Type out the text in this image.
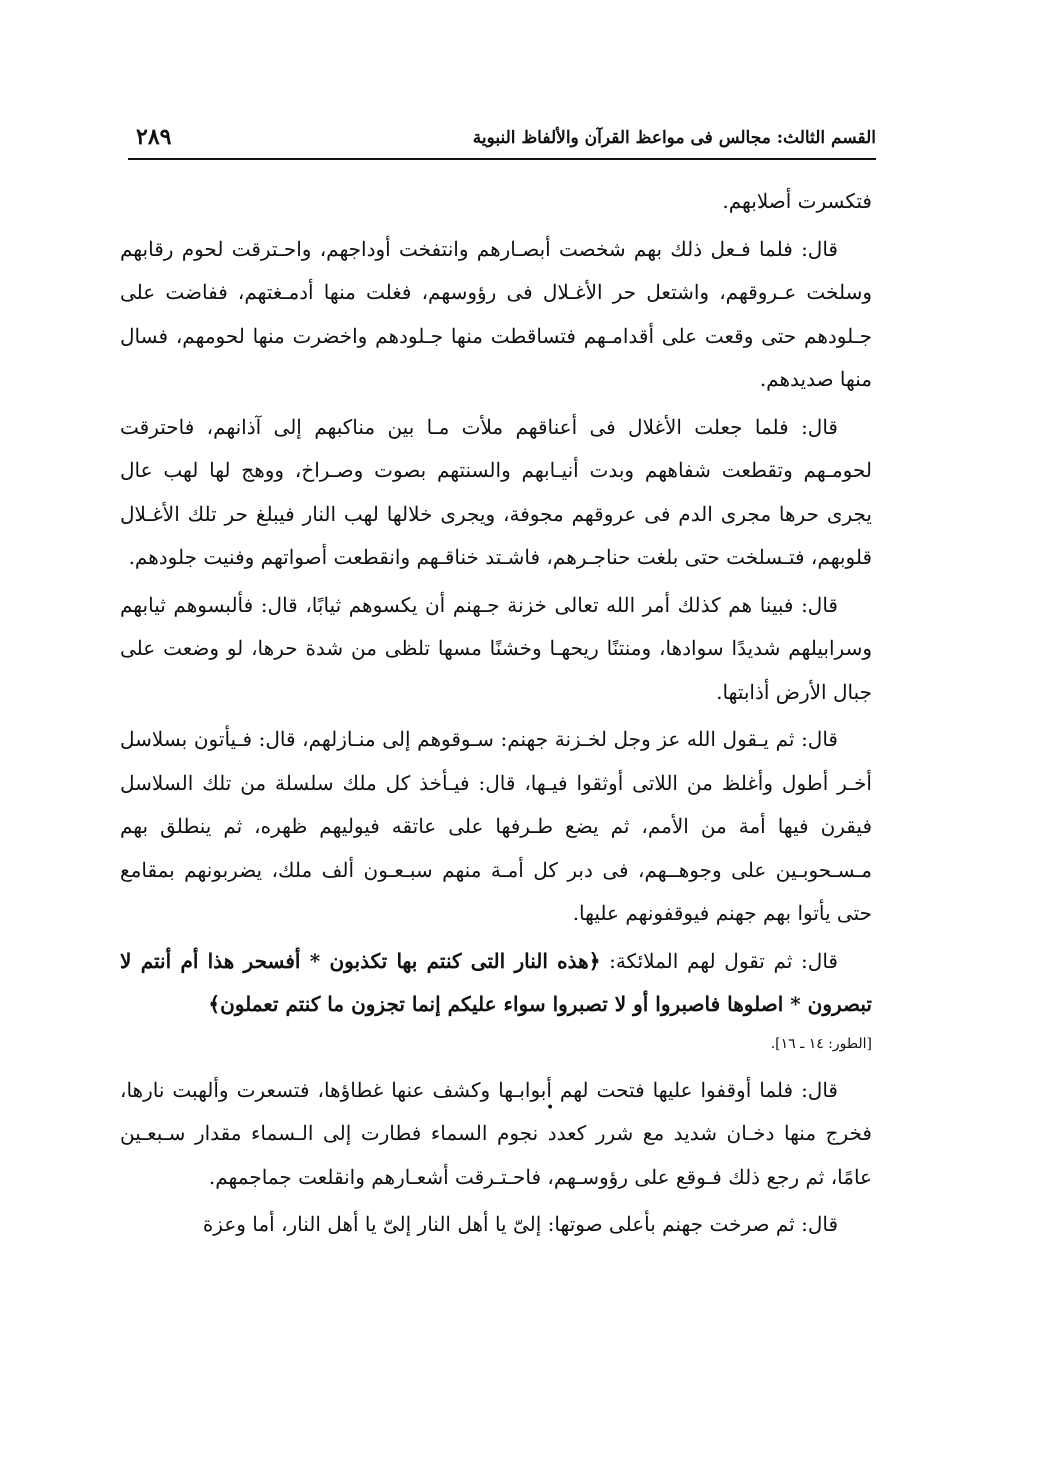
القسم الثالث: مجالس فى مواعظ القرآن والألفاظ النبوية
٢٨٩

فتكسرت أصلابهم.

قال: فلما فـعل ذلك بهم شخصت أبصـارهم وانتفخت أوداجهم، واحـترقت لحوم رقابهم وسلخت عـروقهم، واشتعل حر الأغـلال فى رؤوسهم، فغلت منها أدمـغتهم، ففاضت على جـلودهم حتى وقعت على أقدامـهم فتساقطت منها جـلودهم واخضرت منها لحومهم، فسال منها صديدهم.

قال: فلما جعلت الأغلال فى أعناقهم ملأت مـا بين مناكبهم إلى آذانهم، فاحترقت لحومـهم وتقطعت شفاههم وبدت أنيـابهم والسنتهم بصوت وصـراخ، ووهج لها لهب عال يجرى حرها مجرى الدم فى عروقهم مجوفة، ويجرى خلالها لهب النار فيبلغ حر تلك الأغـلال قلوبهم، فتـسلخت حتى بلغت حناجـرهم، فاشـتد خناقـهم وانقطعت أصواتهم وفنيت جلودهم.

قال: فبينا هم كذلك أمر الله تعالى خزنة جـهنم أن يكسوهم ثيابًا، قال: فألبسوهم ثيابهم وسرابيلهم شديدًا سوادها، ومنتنًا ريحهـا وخشنًا مسها تلظى من شدة حرها، لو وضعت على جبال الأرض أذابتها.

قال: ثم يـقول الله عز وجل لخـزنة جهنم: سـوقوهم إلى منـازلهم، قال: فـيأتون بسلاسل أخـر أطول وأغلظ من اللاتى أوثقوا فيـها، قال: فيـأخذ كل ملك سلسلة من تلك السلاسل فيقرن فيها أمة من الأمم، ثم يضع طـرفها على عاتقه فيوليهم ظهره، ثم ينطلق بهم مـسـحوبـين على وجوهــهم، فى دبر كل أمـة منهم سبـعـون ألف ملك، يضربونهم بمقامع حتى يأتوا بهم جهنم فيوقفونهم عليها.

قال: ثم تقول لهم الملائكة: ﴿هذه النار التى كنتم بها تكذبون * أفسحر هذا أم أنتم لا تبصرون * اصلوها فاصبروا أو لا تصبروا سواء عليكم إنما تجزون ما كنتم تعملون﴾

[الطور: ١٤ ـ ١٦].

قال: فلما أوقفوا عليها فتحت لهم أبوابـها وكشف عنها غطاؤها، فتسعرت وألهبت نارها، فخرج منها دخـان شديد مع شرر كعدد نجوم السماء فطارت إلى الـسماء مقدار سـبعـين عامًا، ثم رجع ذلك فـوقع على رؤوسـهم، فاحـتـرقت أشعـارهم وانقلعت جماجمهم.

قال: ثم صرخت جهنم بأعلى صوتها: إلىّ يا أهل النار إلىّ يا أهل النار، أما وعزة

•
